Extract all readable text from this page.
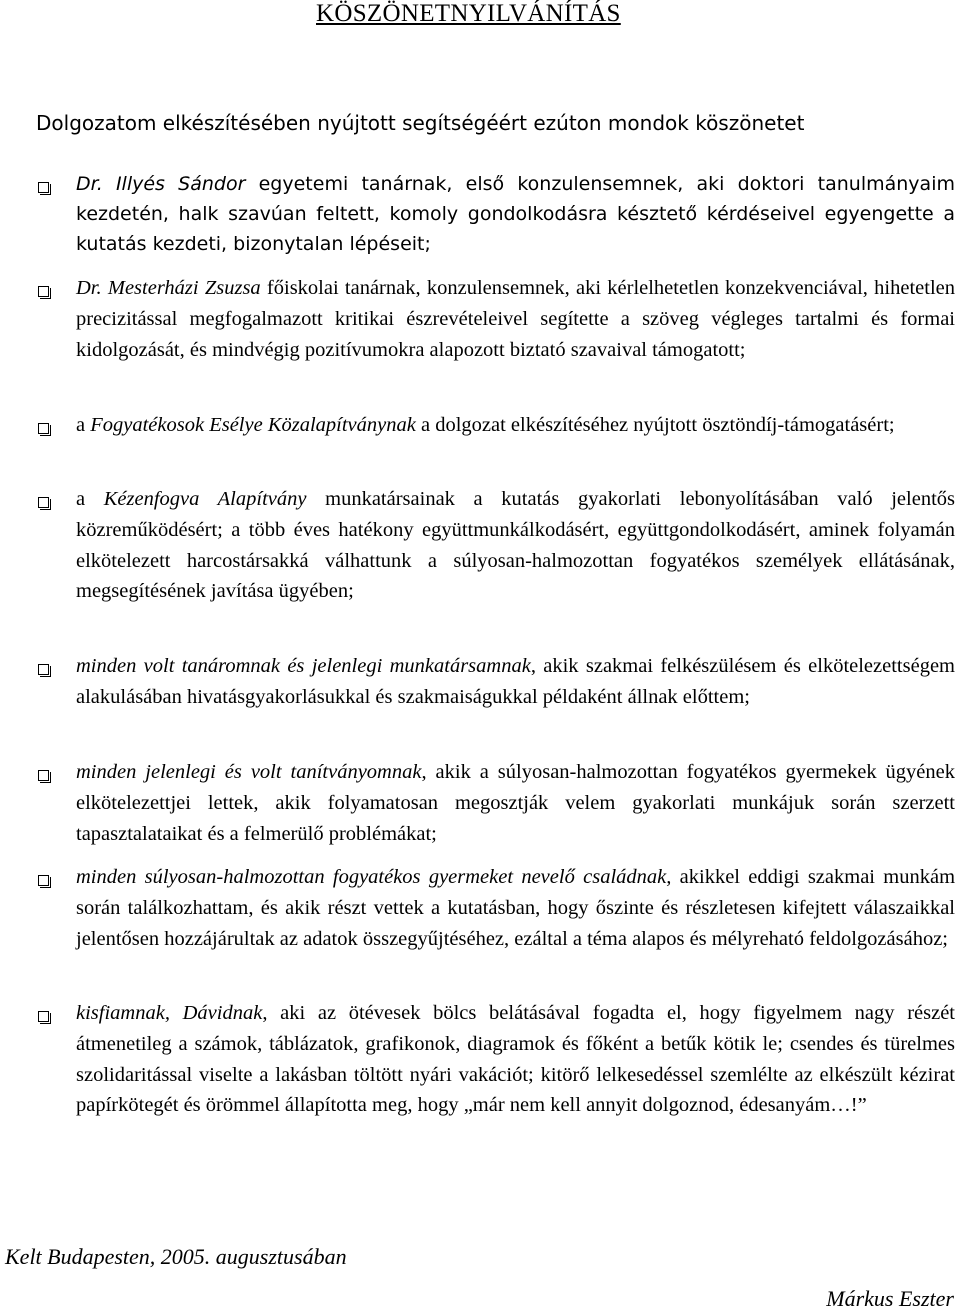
KÖSZÖNETNYILVÁNÍTÁS
Dolgozatom elkészítésében nyújtott segítségéért ezúton mondok köszönetet
Dr. Illyés Sándor egyetemi tanárnak, első konzulensemnek, aki doktori tanulmányaim kezdetén, halk szavúan feltett, komoly gondolkodásra késztető kérdéseivel egyengette a kutatás kezdeti, bizonytalan lépéseit;
Dr. Mesterházi Zsuzsa főiskolai tanárnak, konzulensemnek, aki kérlelhetetlen konzekvenciával, hihetetlen precizitással megfogalmazott kritikai észrevételeivel segítette a szöveg végleges tartalmi és formai kidolgozását, és mindvégig pozitívumokra alapozott biztató szavaival támogatott;
a Fogyatékosok Esélye Közalapítványnak a dolgozat elkészítéséhez nyújtott ösztöndíj-támogatásért;
a Kézenfogva Alapítvány munkatársainak a kutatás gyakorlati lebonyolításában való jelentős közreműködésért; a több éves hatékony együttmunkálkodásért, együttgondolkodásért, aminek folyamán elkötelezett harcostársakká válhattunk a súlyosan-halmozottan fogyatékos személyek ellátásának, megsegítésének javítása ügyében;
minden volt tanáromnak és jelenlegi munkatársamnak, akik szakmai felkészülésem és elkötelezettségem alakulásában hivatásgyakorlásukkal és szakmaiságukkal példaként állnak előttem;
minden jelenlegi és volt tanítványomnak, akik a súlyosan-halmozottan fogyatékos gyermekek ügyének elkötelezettjei lettek, akik folyamatosan megosztják velem gyakorlati munkájuk során szerzett tapasztalataikat és a felmerülő problémákat;
minden súlyosan-halmozottan fogyatékos gyermeket nevelő családnak, akikkel eddigi szakmai munkám során találkozhattam, és akik részt vettek a kutatásban, hogy őszinte és részletesen kifejtett válaszaikkal jelentősen hozzájárultak az adatok összegyűjtéséhez, ezáltal a téma alapos és mélyreható feldolgozásához;
kisfiamnak, Dávidnak, aki az ötévesek bölcs belátásával fogadta el, hogy figyelmem nagy részét átmenetileg a számok, táblázatok, grafikonok, diagramok és főként a betűk kötik le; csendes és türelmes szolidaritással viselte a lakásban töltött nyári vakációt; kitörő lelkesedéssel szemlélte az elkészült kézirat papírkötegét és örömmel állapította meg, hogy „már nem kell annyit dolgoznod, édesanyám…!”
Kelt Budapesten, 2005. augusztusában
Márkus Eszter
